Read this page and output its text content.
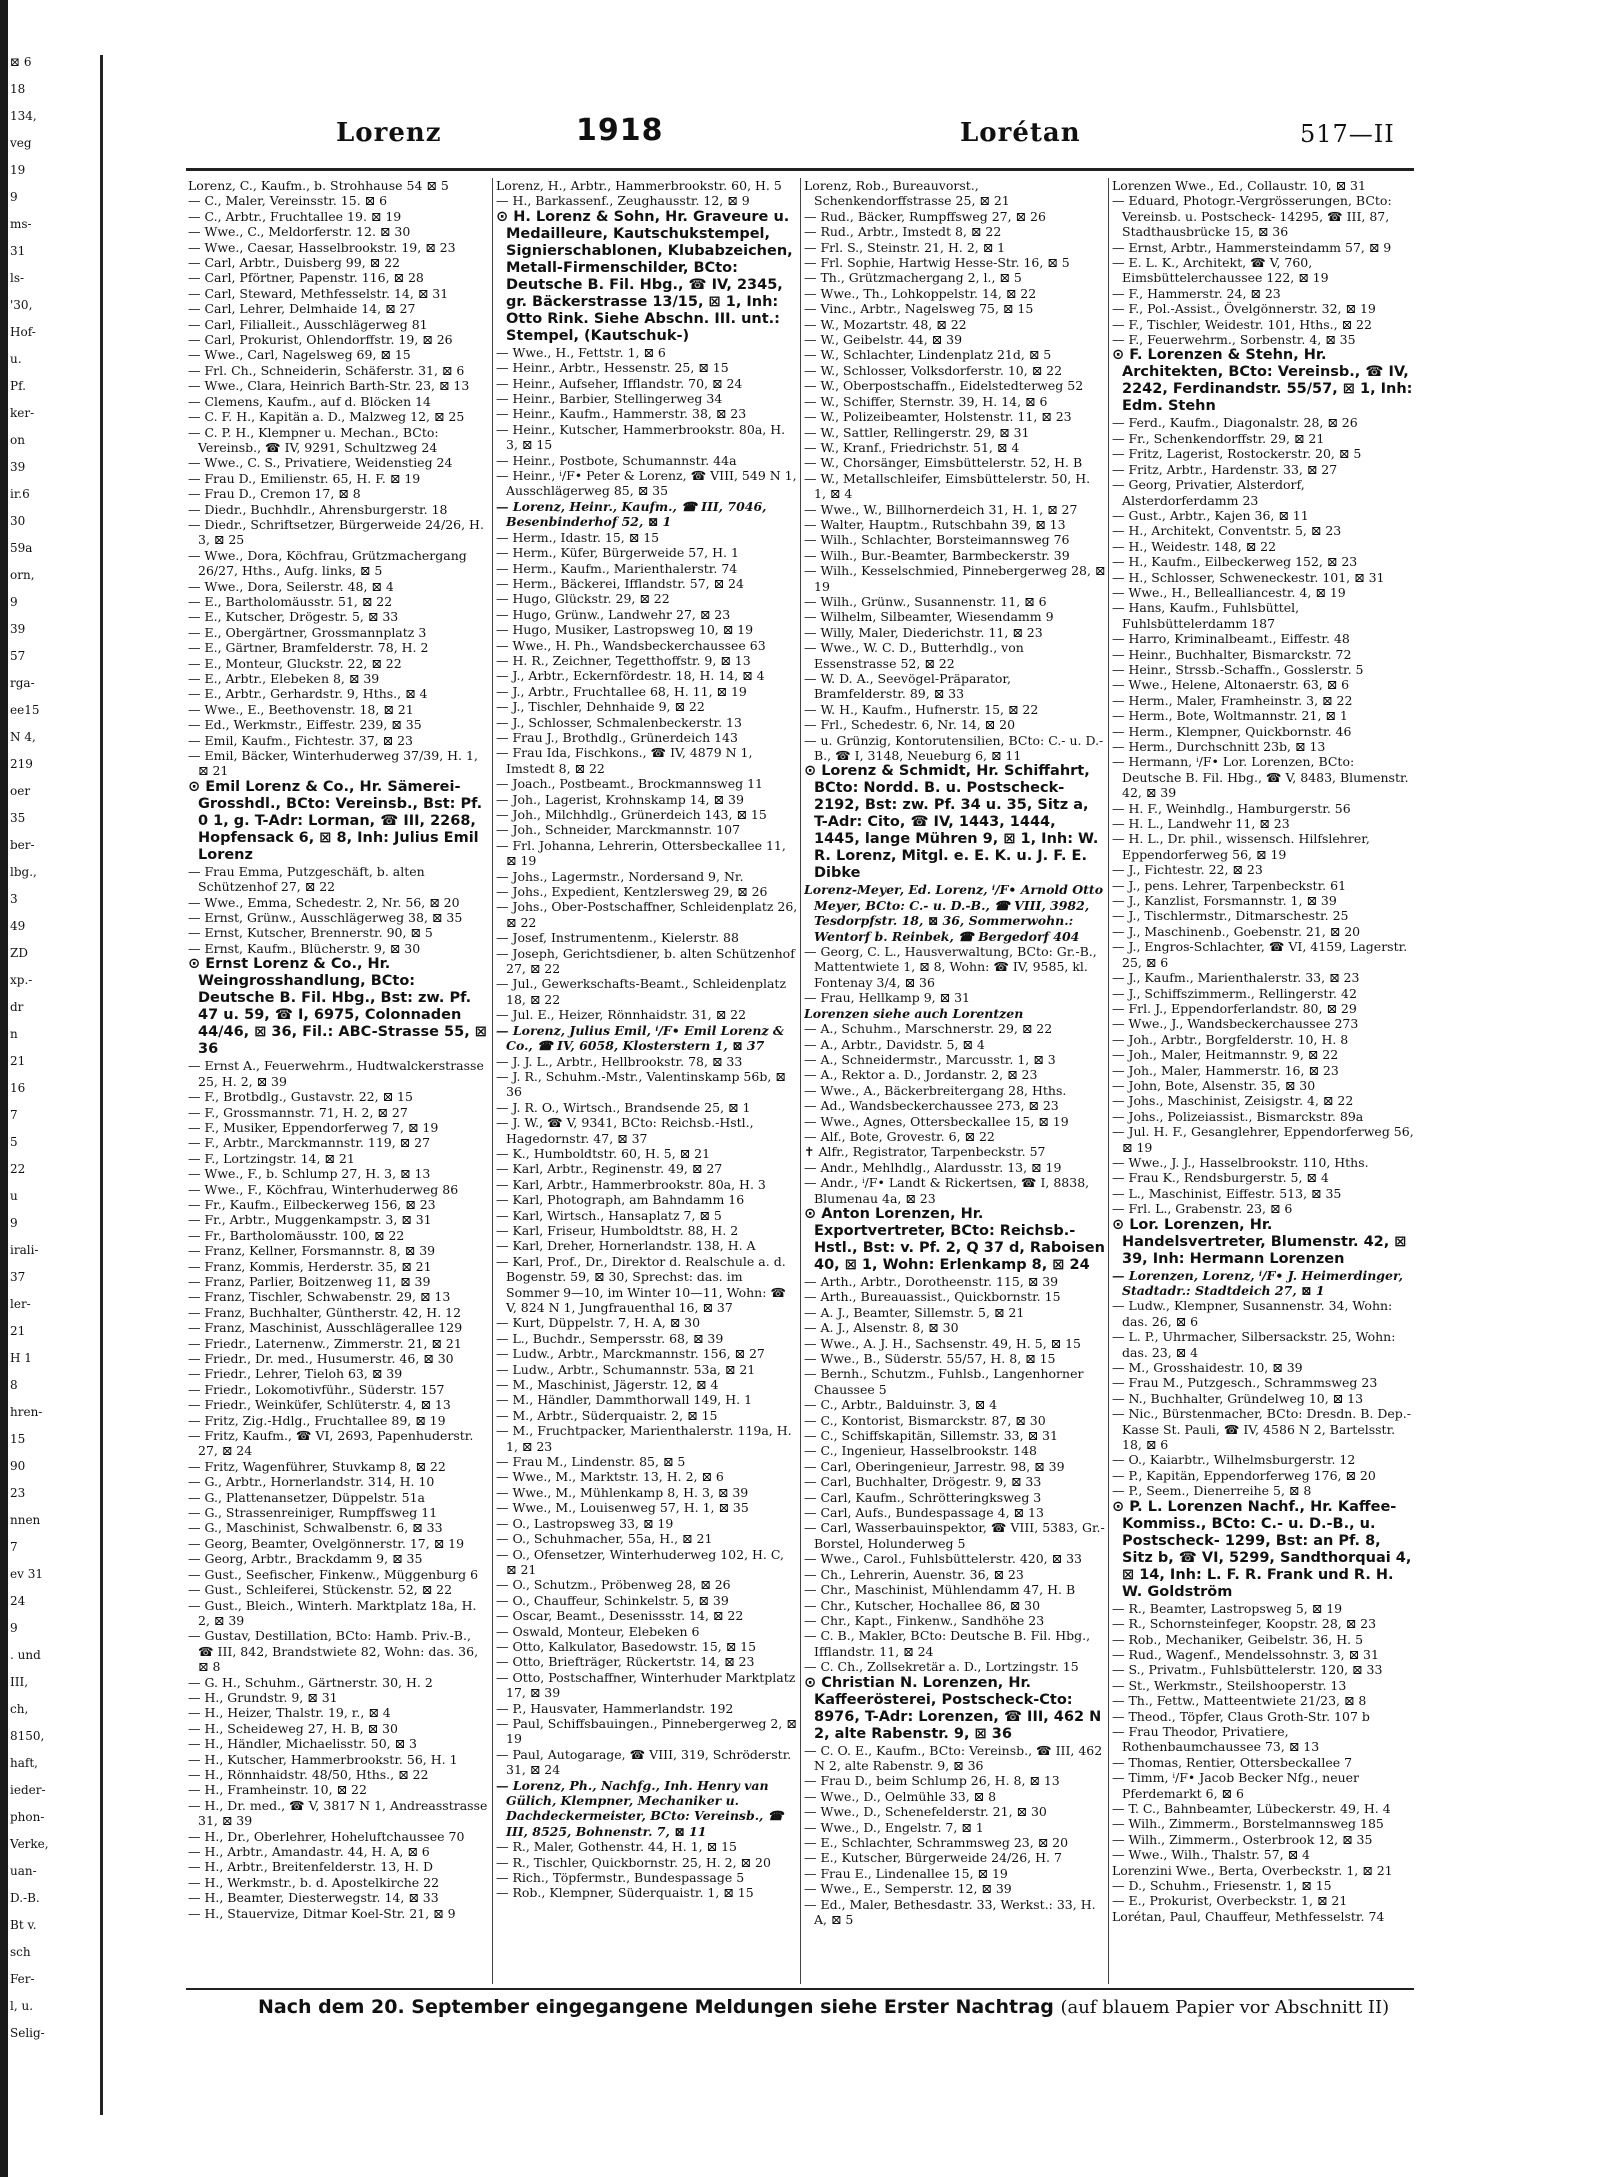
⊠ 6
18
134,
veg
19
9
ms-
31
ls-
'30,
Hof-
u.
Pf.
ker-
on
39
ir.6
30
59a
orn,
9
39
57
rga-
ee15
N 4,
219
oer
35
ber-
lbg.,
3
49
ZD
xp.-
dr
n
21
16
7
5
22
u
9
irali-
37
ler-
21
H 1
8
hren-
15
90
23
nnen
7
ev 31
24
9
. und
III,
ch,
8150,
haft,
ieder-
phon-
Verke,
uan-
D.-B.
Bt v.
sch
Fer-
l, u.
Selig-
Lorenz	1918	Lorétan	517—II

Lorenz, C., Kaufm., b. Strohhause 54 ⊠ 5

— C., Maler, Vereinsstr. 15. ⊠ 6

— C., Arbtr., Fruchtallee 19. ⊠ 19

— Wwe., C., Meldorferstr. 12. ⊠ 30

— Wwe., Caesar, Hasselbrookstr. 19, ⊠ 23

— Carl, Arbtr., Duisberg 99, ⊠ 22

— Carl, Pförtner, Papenstr. 116, ⊠ 28

— Carl, Steward, Methfesselstr. 14, ⊠ 31

— Carl, Lehrer, Delmhaide 14, ⊠ 27

— Carl, Filialleit., Ausschlägerweg 81

— Carl, Prokurist, Ohlendorffstr. 19, ⊠ 26

— Wwe., Carl, Nagelsweg 69, ⊠ 15

— Frl. Ch., Schneiderin, Schäferstr. 31, ⊠ 6

— Wwe., Clara, Heinrich Barth-Str. 23, ⊠ 13

— Clemens, Kaufm., auf d. Blöcken 14

— C. F. H., Kapitän a. D., Malzweg 12, ⊠ 25

— C. P. H., Klempner u. Mechan., BCto: Vereinsb., ☎ IV, 9291, Schultzweg 24

— Wwe., C. S., Privatiere, Weidenstieg 24

— Frau D., Emilienstr. 65, H. F. ⊠ 19

— Frau D., Cremon 17, ⊠ 8

— Diedr., Buchhdlr., Ahrensburgerstr. 18

— Diedr., Schriftsetzer, Bürgerweide 24/26, H. 3, ⊠ 25

— Wwe., Dora, Köchfrau, Grützmachergang 26/27, Hths., Aufg. links, ⊠ 5

— Wwe., Dora, Seilerstr. 48, ⊠ 4

— E., Bartholomäusstr. 51, ⊠ 22

— E., Kutscher, Drögestr. 5, ⊠ 33

— E., Obergärtner, Grossmannplatz 3

— E., Gärtner, Bramfelderstr. 78, H. 2

— E., Monteur, Gluckstr. 22, ⊠ 22

— E., Arbtr., Elebeken 8, ⊠ 39

— E., Arbtr., Gerhardstr. 9, Hths., ⊠ 4

— Wwe., E., Beethovenstr. 18, ⊠ 21

— Ed., Werkmstr., Eiffestr. 239, ⊠ 35

— Emil, Kaufm., Fichtestr. 37, ⊠ 23

— Emil, Bäcker, Winterhuderweg 37/39, H. 1, ⊠ 21

⊙ Emil Lorenz & Co., Hr. Sämerei-Grosshdl., BCto: Vereinsb., Bst: Pf. 0 1, g. T-Adr: Lorman, ☎ III, 2268, Hopfensack 6, ⊠ 8, Inh: Julius Emil Lorenz

— Frau Emma, Putzgeschäft, b. alten Schützenhof 27, ⊠ 22

— Wwe., Emma, Schedestr. 2, Nr. 56, ⊠ 20

— Ernst, Grünw., Ausschlägerweg 38, ⊠ 35

— Ernst, Kutscher, Brennerstr. 90, ⊠ 5

— Ernst, Kaufm., Blücherstr. 9, ⊠ 30

⊙ Ernst Lorenz & Co., Hr. Weingrosshandlung, BCto: Deutsche B. Fil. Hbg., Bst: zw. Pf. 47 u. 59, ☎ I, 6975, Colonnaden 44/46, ⊠ 36, Fil.: ABC-Strasse 55, ⊠ 36

— Ernst A., Feuerwehrm., Hudtwalckerstrasse 25, H. 2, ⊠ 39

— F., Brotbdlg., Gustavstr. 22, ⊠ 15

— F., Grossmannstr. 71, H. 2, ⊠ 27

— F., Musiker, Eppendorferweg 7, ⊠ 19

— F., Arbtr., Marckmannstr. 119, ⊠ 27

— F., Lortzingstr. 14, ⊠ 21

— Wwe., F., b. Schlump 27, H. 3, ⊠ 13

— Wwe., F., Köchfrau, Winterhuderweg 86

— Fr., Kaufm., Eilbeckerweg 156, ⊠ 23

— Fr., Arbtr., Muggenkampstr. 3, ⊠ 31

— Fr., Bartholomäusstr. 100, ⊠ 22

— Franz, Kellner, Forsmannstr. 8, ⊠ 39

— Franz, Kommis, Herderstr. 35, ⊠ 21

— Franz, Parlier, Boitzenweg 11, ⊠ 39

— Franz, Tischler, Schwabenstr. 29, ⊠ 13

— Franz, Buchhalter, Güntherstr. 42, H. 12

— Franz, Maschinist, Ausschlägerallee 129

— Friedr., Laternenw., Zimmerstr. 21, ⊠ 21

— Friedr., Dr. med., Husumerstr. 46, ⊠ 30

— Friedr., Lehrer, Tieloh 63, ⊠ 39

— Friedr., Lokomotivführ., Süderstr. 157

— Friedr., Weinküfer, Schlüterstr. 4, ⊠ 13

— Fritz, Zig.-Hdlg., Fruchtallee 89, ⊠ 19

— Fritz, Kaufm., ☎ VI, 2693, Papenhuderstr. 27, ⊠ 24

— Fritz, Wagenführer, Stuvkamp 8, ⊠ 22

— G., Arbtr., Hornerlandstr. 314, H. 10

— G., Plattenansetzer, Düppelstr. 51a

— G., Strassenreiniger, Rumpffsweg 11

— G., Maschinist, Schwalbenstr. 6, ⊠ 33

— Georg, Beamter, Ovelgönnerstr. 17, ⊠ 19

— Georg, Arbtr., Brackdamm 9, ⊠ 35

— Gust., Seefischer, Finkenw., Müggenburg 6

— Gust., Schleiferei, Stückenstr. 52, ⊠ 22

— Gust., Bleich., Winterh. Marktplatz 18a, H. 2, ⊠ 39

— Gustav, Destillation, BCto: Hamb. Priv.-B., ☎ III, 842, Brandstwiete 82, Wohn: das. 36, ⊠ 8

— G. H., Schuhm., Gärtnerstr. 30, H. 2

— H., Grundstr. 9, ⊠ 31

— H., Heizer, Thalstr. 19, r., ⊠ 4

— H., Scheideweg 27, H. B, ⊠ 30

— H., Händler, Michaelisstr. 50, ⊠ 3

— H., Kutscher, Hammerbrookstr. 56, H. 1

— H., Rönnhaidstr. 48/50, Hths., ⊠ 22

— H., Framheinstr. 10, ⊠ 22

— H., Dr. med., ☎ V, 3817 N 1, Andreasstrasse 31, ⊠ 39

— H., Dr., Oberlehrer, Hoheluftchaussee 70

— H., Arbtr., Amandastr. 44, H. A, ⊠ 6

— H., Arbtr., Breitenfelderstr. 13, H. D

— H., Werkmstr., b. d. Apostelkirche 22

— H., Beamter, Diesterwegstr. 14, ⊠ 33

— H., Stauervize, Ditmar Koel-Str. 21, ⊠ 9

Lorenz, H., Arbtr., Hammerbrookstr. 60, H. 5

— H., Barkassenf., Zeughausstr. 12, ⊠ 9

⊙ H. Lorenz & Sohn, Hr. Graveure u. Medailleure, Kautschukstempel, Signierschablonen, Klubabzeichen, Metall-Firmenschilder, BCto: Deutsche B. Fil. Hbg., ☎ IV, 2345, gr. Bäckerstrasse 13/15, ⊠ 1, Inh: Otto Rink. Siehe Abschn. III. unt.: Stempel, (Kautschuk-)

— Wwe., H., Fettstr. 1, ⊠ 6

— Heinr., Arbtr., Hessenstr. 25, ⊠ 15

— Heinr., Aufseher, Ifflandstr. 70, ⊠ 24

— Heinr., Barbier, Stellingerweg 34

— Heinr., Kaufm., Hammerstr. 38, ⊠ 23

— Heinr., Kutscher, Hammerbrookstr. 80a, H. 3, ⊠ 15

— Heinr., Postbote, Schumannstr. 44a

— Heinr., ⁱ/F• Peter & Lorenz, ☎ VIII, 549 N 1, Ausschlägerweg 85, ⊠ 35

— Lorenz, Heinr., Kaufm., ☎ III, 7046, Besenbinderhof 52, ⊠ 1

— Herm., Idastr. 15, ⊠ 15

— Herm., Küfer, Bürgerweide 57, H. 1

— Herm., Kaufm., Marienthalerstr. 74

— Herm., Bäckerei, Ifflandstr. 57, ⊠ 24

— Hugo, Glückstr. 29, ⊠ 22

— Hugo, Grünw., Landwehr 27, ⊠ 23

— Hugo, Musiker, Lastropsweg 10, ⊠ 19

— Wwe., H. Ph., Wandsbeckerchaussee 63

— H. R., Zeichner, Tegetthoffstr. 9, ⊠ 13

— J., Arbtr., Eckernfördestr. 18, H. 14, ⊠ 4

— J., Arbtr., Fruchtallee 68, H. 11, ⊠ 19

— J., Tischler, Dehnhaide 9, ⊠ 22

— J., Schlosser, Schmalenbeckerstr. 13

— Frau J., Brothdlg., Grünerdeich 143

— Frau Ida, Fischkons., ☎ IV, 4879 N 1, Imstedt 8, ⊠ 22

— Joach., Postbeamt., Brockmannsweg 11

— Joh., Lagerist, Krohnskamp 14, ⊠ 39

— Joh., Milchhdlg., Grünerdeich 143, ⊠ 15

— Joh., Schneider, Marckmannstr. 107

— Frl. Johanna, Lehrerin, Ottersbeckallee 11, ⊠ 19

— Johs., Lagermstr., Nordersand 9, Nr.

— Johs., Expedient, Kentzlersweg 29, ⊠ 26

— Johs., Ober-Postschaffner, Schleidenplatz 26, ⊠ 22

— Josef, Instrumentenm., Kielerstr. 88

— Joseph, Gerichtsdiener, b. alten Schützenhof 27, ⊠ 22

— Jul., Gewerkschafts-Beamt., Schleidenplatz 18, ⊠ 22

— Jul. E., Heizer, Rönnhaidstr. 31, ⊠ 22

— Lorenz, Julius Emil, ⁱ/F• Emil Lorenz & Co., ☎ IV, 6058, Klosterstern 1, ⊠ 37

— J. J. L., Arbtr., Hellbrookstr. 78, ⊠ 33

— J. R., Schuhm.-Mstr., Valentinskamp 56b, ⊠ 36

— J. R. O., Wirtsch., Brandsende 25, ⊠ 1

— J. W., ☎ V, 9341, BCto: Reichsb.-Hstl., Hagedornstr. 47, ⊠ 37

— K., Humboldtstr. 60, H. 5, ⊠ 21

— Karl, Arbtr., Reginenstr. 49, ⊠ 27

— Karl, Arbtr., Hammerbrookstr. 80a, H. 3

— Karl, Photograph, am Bahndamm 16

— Karl, Wirtsch., Hansaplatz 7, ⊠ 5

— Karl, Friseur, Humboldtstr. 88, H. 2

— Karl, Dreher, Hornerlandstr. 138, H. A

— Karl, Prof., Dr., Direktor d. Realschule a. d. Bogenstr. 59, ⊠ 30, Sprechst: das. im Sommer 9—10, im Winter 10—11, Wohn: ☎ V, 824 N 1, Jungfrauenthal 16, ⊠ 37

— Kurt, Düppelstr. 7, H. A, ⊠ 30

— L., Buchdr., Sempersstr. 68, ⊠ 39

— Ludw., Arbtr., Marckmannstr. 156, ⊠ 27

— Ludw., Arbtr., Schumannstr. 53a, ⊠ 21

— M., Maschinist, Jägerstr. 12, ⊠ 4

— M., Händler, Dammthorwall 149, H. 1

— M., Arbtr., Süderquaistr. 2, ⊠ 15

— M., Fruchtpacker, Marienthalerstr. 119a, H. 1, ⊠ 23

— Frau M., Lindenstr. 85, ⊠ 5

— Wwe., M., Marktstr. 13, H. 2, ⊠ 6

— Wwe., M., Mühlenkamp 8, H. 3, ⊠ 39

— Wwe., M., Louisenweg 57, H. 1, ⊠ 35

— O., Lastropsweg 33, ⊠ 19

— O., Schuhmacher, 55a, H., ⊠ 21

— O., Ofensetzer, Winterhuderweg 102, H. C, ⊠ 21

— O., Schutzm., Pröbenweg 28, ⊠ 26

— O., Chauffeur, Schinkelstr. 5, ⊠ 39

— Oscar, Beamt., Desenissstr. 14, ⊠ 22

— Oswald, Monteur, Elebeken 6

— Otto, Kalkulator, Basedowstr. 15, ⊠ 15

— Otto, Briefträger, Rückertstr. 14, ⊠ 23

— Otto, Postschaffner, Winterhuder Marktplatz 17, ⊠ 39

— P., Hausvater, Hammerlandstr. 192

— Paul, Schiffsbauingen., Pinnebergerweg 2, ⊠ 19

— Paul, Autogarage, ☎ VIII, 319, Schröderstr. 31, ⊠ 24

— Lorenz, Ph., Nachfg., Inh. Henry van Gülich, Klempner, Mechaniker u. Dachdeckermeister, BCto: Vereinsb., ☎ III, 8525, Bohnenstr. 7, ⊠ 11

— R., Maler, Gothenstr. 44, H. 1, ⊠ 15

— R., Tischler, Quickbornstr. 25, H. 2, ⊠ 20

— Rich., Töpfermstr., Bundespassage 5

— Rob., Klempner, Süderquaistr. 1, ⊠ 15

Lorenz, Rob., Bureauvorst., Schenkendorffstrasse 25, ⊠ 21

— Rud., Bäcker, Rumpffsweg 27, ⊠ 26

— Rud., Arbtr., Imstedt 8, ⊠ 22

— Frl. S., Steinstr. 21, H. 2, ⊠ 1

— Frl. Sophie, Hartwig Hesse-Str. 16, ⊠ 5

— Th., Grützmachergang 2, l., ⊠ 5

— Wwe., Th., Lohkoppelstr. 14, ⊠ 22

— Vinc., Arbtr., Nagelsweg 75, ⊠ 15

— W., Mozartstr. 48, ⊠ 22

— W., Geibelstr. 44, ⊠ 39

— W., Schlachter, Lindenplatz 21d, ⊠ 5

— W., Schlosser, Volksdorferstr. 10, ⊠ 22

— W., Oberpostschaffn., Eidelstedterweg 52

— W., Schiffer, Sternstr. 39, H. 14, ⊠ 6

— W., Polizeibeamter, Holstenstr. 11, ⊠ 23

— W., Sattler, Rellingerstr. 29, ⊠ 31

— W., Kranf., Friedrichstr. 51, ⊠ 4

— W., Chorsänger, Eimsbüttelerstr. 52, H. B

— W., Metallschleifer, Eimsbüttelerstr. 50, H. 1, ⊠ 4

— Wwe., W., Billhornerdeich 31, H. 1, ⊠ 27

— Walter, Hauptm., Rutschbahn 39, ⊠ 13

— Wilh., Schlachter, Borsteimannsweg 76

— Wilh., Bur.-Beamter, Barmbeckerstr. 39

— Wilh., Kesselschmied, Pinnebergerweg 28, ⊠ 19

— Wilh., Grünw., Susannenstr. 11, ⊠ 6

— Wilhelm, Silbeamter, Wiesendamm 9

— Willy, Maler, Diederichstr. 11, ⊠ 23

— Wwe., W. C. D., Butterhdlg., von Essenstrasse 52, ⊠ 22

— W. D. A., Seevögel-Präparator, Bramfelderstr. 89, ⊠ 33

— W. H., Kaufm., Hufnerstr. 15, ⊠ 22

— Frl., Schedestr. 6, Nr. 14, ⊠ 20

— u. Grünzig, Kontorutensilien, BCto: C.- u. D.-B., ☎ I, 3148, Neueburg 6, ⊠ 11

⊙ Lorenz & Schmidt, Hr. Schiffahrt, BCto: Nordd. B. u. Postscheck- 2192, Bst: zw. Pf. 34 u. 35, Sitz a, T-Adr: Cito, ☎ IV, 1443, 1444, 1445, lange Mühren 9, ⊠ 1, Inh: W. R. Lorenz, Mitgl. e. E. K. u. J. F. E. Dibke

Lorenz-Meyer, Ed. Lorenz, ⁱ/F• Arnold Otto Meyer, BCto: C.- u. D.-B., ☎ VIII, 3982, Tesdorpfstr. 18, ⊠ 36, Sommerwohn.: Wentorf b. Reinbek, ☎ Bergedorf 404

— Georg, C. L., Hausverwaltung, BCto: Gr.-B., Mattentwiete 1, ⊠ 8, Wohn: ☎ IV, 9585, kl. Fontenay 3/4, ⊠ 36

— Frau, Hellkamp 9, ⊠ 31

Lorenzen siehe auch Lorentzen

— A., Schuhm., Marschnerstr. 29, ⊠ 22

— A., Arbtr., Davidstr. 5, ⊠ 4

— A., Schneidermstr., Marcusstr. 1, ⊠ 3

— A., Rektor a. D., Jordanstr. 2, ⊠ 23

— Wwe., A., Bäckerbreitergang 28, Hths.

— Ad., Wandsbeckerchaussee 273, ⊠ 23

— Wwe., Agnes, Ottersbeckallee 15, ⊠ 19

— Alf., Bote, Grovestr. 6, ⊠ 22

✝ Alfr., Registrator, Tarpenbeckstr. 57

— Andr., Mehlhdlg., Alardusstr. 13, ⊠ 19

— Andr., ⁱ/F• Landt & Rickertsen, ☎ I, 8838, Blumenau 4a, ⊠ 23

⊙ Anton Lorenzen, Hr. Exportvertreter, BCto: Reichsb.-Hstl., Bst: v. Pf. 2, Q 37 d, Raboisen 40, ⊠ 1, Wohn: Erlenkamp 8, ⊠ 24

— Arth., Arbtr., Dorotheenstr. 115, ⊠ 39

— Arth., Bureauassist., Quickbornstr. 15

— A. J., Beamter, Sillemstr. 5, ⊠ 21

— A. J., Alsenstr. 8, ⊠ 30

— Wwe., A. J. H., Sachsenstr. 49, H. 5, ⊠ 15

— Wwe., B., Süderstr. 55/57, H. 8, ⊠ 15

— Bernh., Schutzm., Fuhlsb., Langenhorner Chaussee 5

— C., Arbtr., Balduinstr. 3, ⊠ 4

— C., Kontorist, Bismarckstr. 87, ⊠ 30

— C., Schiffskapitän, Sillemstr. 33, ⊠ 31

— C., Ingenieur, Hasselbrookstr. 148

— Carl, Oberingenieur, Jarrestr. 98, ⊠ 39

— Carl, Buchhalter, Drögestr. 9, ⊠ 33

— Carl, Kaufm., Schrötteringksweg 3

— Carl, Aufs., Bundespassage 4, ⊠ 13

— Carl, Wasserbauinspektor, ☎ VIII, 5383, Gr.-Borstel, Holunderweg 5

— Wwe., Carol., Fuhlsbüttelerstr. 420, ⊠ 33

— Ch., Lehrerin, Auenstr. 36, ⊠ 23

— Chr., Maschinist, Mühlendamm 47, H. B

— Chr., Kutscher, Hochallee 86, ⊠ 30

— Chr., Kapt., Finkenw., Sandhöhe 23

— C. B., Makler, BCto: Deutsche B. Fil. Hbg., Ifflandstr. 11, ⊠ 24

— C. Ch., Zollsekretär a. D., Lortzingstr. 15

⊙ Christian N. Lorenzen, Hr. Kaffeerösterei, Postscheck-Cto: 8976, T-Adr: Lorenzen, ☎ III, 462 N 2, alte Rabenstr. 9, ⊠ 36

— C. O. E., Kaufm., BCto: Vereinsb., ☎ III, 462 N 2, alte Rabenstr. 9, ⊠ 36

— Frau D., beim Schlump 26, H. 8, ⊠ 13

— Wwe., D., Oelmühle 33, ⊠ 8

— Wwe., D., Schenefelderstr. 21, ⊠ 30

— Wwe., D., Engelstr. 7, ⊠ 1

— E., Schlachter, Schrammsweg 23, ⊠ 20

— E., Kutscher, Bürgerweide 24/26, H. 7

— Frau E., Lindenallee 15, ⊠ 19

— Wwe., E., Semperstr. 12, ⊠ 39

— Ed., Maler, Bethesdastr. 33, Werkst.: 33, H. A, ⊠ 5

Lorenzen Wwe., Ed., Collaustr. 10, ⊠ 31

— Eduard, Photogr.-Vergrösserungen, BCto: Vereinsb. u. Postscheck- 14295, ☎ III, 87, Stadthausbrücke 15, ⊠ 36

— Ernst, Arbtr., Hammersteindamm 57, ⊠ 9

— E. L. K., Architekt, ☎ V, 760, Eimsbüttelerchaussee 122, ⊠ 19

— F., Hammerstr. 24, ⊠ 23

— F., Pol.-Assist., Övelgönnerstr. 32, ⊠ 19

— F., Tischler, Weidestr. 101, Hths., ⊠ 22

— F., Feuerwehrm., Sorbenstr. 4, ⊠ 35

⊙ F. Lorenzen & Stehn, Hr. Architekten, BCto: Vereinsb., ☎ IV, 2242, Ferdinandstr. 55/57, ⊠ 1, Inh: Edm. Stehn

— Ferd., Kaufm., Diagonalstr. 28, ⊠ 26

— Fr., Schenkendorffstr. 29, ⊠ 21

— Fritz, Lagerist, Rostockerstr. 20, ⊠ 5

— Fritz, Arbtr., Hardenstr. 33, ⊠ 27

— Georg, Privatier, Alsterdorf, Alsterdorferdamm 23

— Gust., Arbtr., Kajen 36, ⊠ 11

— H., Architekt, Conventstr. 5, ⊠ 23

— H., Weidestr. 148, ⊠ 22

— H., Kaufm., Eilbeckerweg 152, ⊠ 23

— H., Schlosser, Schweneckestr. 101, ⊠ 31

— Wwe., H., Bellealliancestr. 4, ⊠ 19

— Hans, Kaufm., Fuhlsbüttel, Fuhlsbüttelerdamm 187

— Harro, Kriminalbeamt., Eiffestr. 48

— Heinr., Buchhalter, Bismarckstr. 72

— Heinr., Strssb.-Schaffn., Gosslerstr. 5

— Wwe., Helene, Altonaerstr. 63, ⊠ 6

— Herm., Maler, Framheinstr. 3, ⊠ 22

— Herm., Bote, Woltmannstr. 21, ⊠ 1

— Herm., Klempner, Quickbornstr. 46

— Herm., Durchschnitt 23b, ⊠ 13

— Hermann, ⁱ/F• Lor. Lorenzen, BCto: Deutsche B. Fil. Hbg., ☎ V, 8483, Blumenstr. 42, ⊠ 39

— H. F., Weinhdlg., Hamburgerstr. 56

— H. L., Landwehr 11, ⊠ 23

— H. L., Dr. phil., wissensch. Hilfslehrer, Eppendorferweg 56, ⊠ 19

— J., Fichtestr. 22, ⊠ 23

— J., pens. Lehrer, Tarpenbeckstr. 61

— J., Kanzlist, Forsmannstr. 1, ⊠ 39

— J., Tischlermstr., Ditmarschestr. 25

— J., Maschinenb., Goebenstr. 21, ⊠ 20

— J., Engros-Schlachter, ☎ VI, 4159, Lagerstr. 25, ⊠ 6

— J., Kaufm., Marienthalerstr. 33, ⊠ 23

— J., Schiffszimmerm., Rellingerstr. 42

— Frl. J., Eppendorferlandstr. 80, ⊠ 29

— Wwe., J., Wandsbeckerchaussee 273

— Joh., Arbtr., Borgfelderstr. 10, H. 8

— Joh., Maler, Heitmannstr. 9, ⊠ 22

— Joh., Maler, Hammerstr. 16, ⊠ 23

— John, Bote, Alsenstr. 35, ⊠ 30

— Johs., Maschinist, Zeisigstr. 4, ⊠ 22

— Johs., Polizeiassist., Bismarckstr. 89a

— Jul. H. F., Gesanglehrer, Eppendorferweg 56, ⊠ 19

— Wwe., J. J., Hasselbrookstr. 110, Hths.

— Frau K., Rendsburgerstr. 5, ⊠ 4

— L., Maschinist, Eiffestr. 513, ⊠ 35

— Frl. L., Grabenstr. 23, ⊠ 6

⊙ Lor. Lorenzen, Hr. Handelsvertreter, Blumenstr. 42, ⊠ 39, Inh: Hermann Lorenzen

— Lorenzen, Lorenz, ⁱ/F• J. Heimerdinger, Stadtadr.: Stadtdeich 27, ⊠ 1

— Ludw., Klempner, Susannenstr. 34, Wohn: das. 26, ⊠ 6

— L. P., Uhrmacher, Silbersackstr. 25, Wohn: das. 23, ⊠ 4

— M., Grosshaidestr. 10, ⊠ 39

— Frau M., Putzgesch., Schrammsweg 23

— N., Buchhalter, Gründelweg 10, ⊠ 13

— Nic., Bürstenmacher, BCto: Dresdn. B. Dep.-Kasse St. Pauli, ☎ IV, 4586 N 2, Bartelsstr. 18, ⊠ 6

— O., Kaiarbtr., Wilhelmsburgerstr. 12

— P., Kapitän, Eppendorferweg 176, ⊠ 20

— P., Seem., Dienerreihe 5, ⊠ 8

⊙ P. L. Lorenzen Nachf., Hr. Kaffee-Kommiss., BCto: C.- u. D.-B., u. Postscheck- 1299, Bst: an Pf. 8, Sitz b, ☎ VI, 5299, Sandthorquai 4, ⊠ 14, Inh: L. F. R. Frank und R. H. W. Goldström

— R., Beamter, Lastropsweg 5, ⊠ 19

— R., Schornsteinfeger, Koopstr. 28, ⊠ 23

— Rob., Mechaniker, Geibelstr. 36, H. 5

— Rud., Wagenf., Mendelssohnstr. 3, ⊠ 31

— S., Privatm., Fuhlsbüttelerstr. 120, ⊠ 33

— St., Werkmstr., Steilshooperstr. 13

— Th., Fettw., Matteentwiete 21/23, ⊠ 8

— Theod., Töpfer, Claus Groth-Str. 107 b

— Frau Theodor, Privatiere, Rothenbaumchaussee 73, ⊠ 13

— Thomas, Rentier, Ottersbeckallee 7

— Timm, ⁱ/F• Jacob Becker Nfg., neuer Pferdemarkt 6, ⊠ 6

— T. C., Bahnbeamter, Lübeckerstr. 49, H. 4

— Wilh., Zimmerm., Borstelmannsweg 185

— Wilh., Zimmerm., Osterbrook 12, ⊠ 35

— Wwe., Wilh., Thalstr. 57, ⊠ 4

Lorenzini Wwe., Berta, Overbeckstr. 1, ⊠ 21

— D., Schuhm., Friesenstr. 1, ⊠ 15

— E., Prokurist, Overbeckstr. 1, ⊠ 21

Lorétan, Paul, Chauffeur, Methfesselstr. 74

Nach dem 20. September eingegangene Meldungen siehe Erster Nachtrag (auf blauem Papier vor Abschnitt II)
